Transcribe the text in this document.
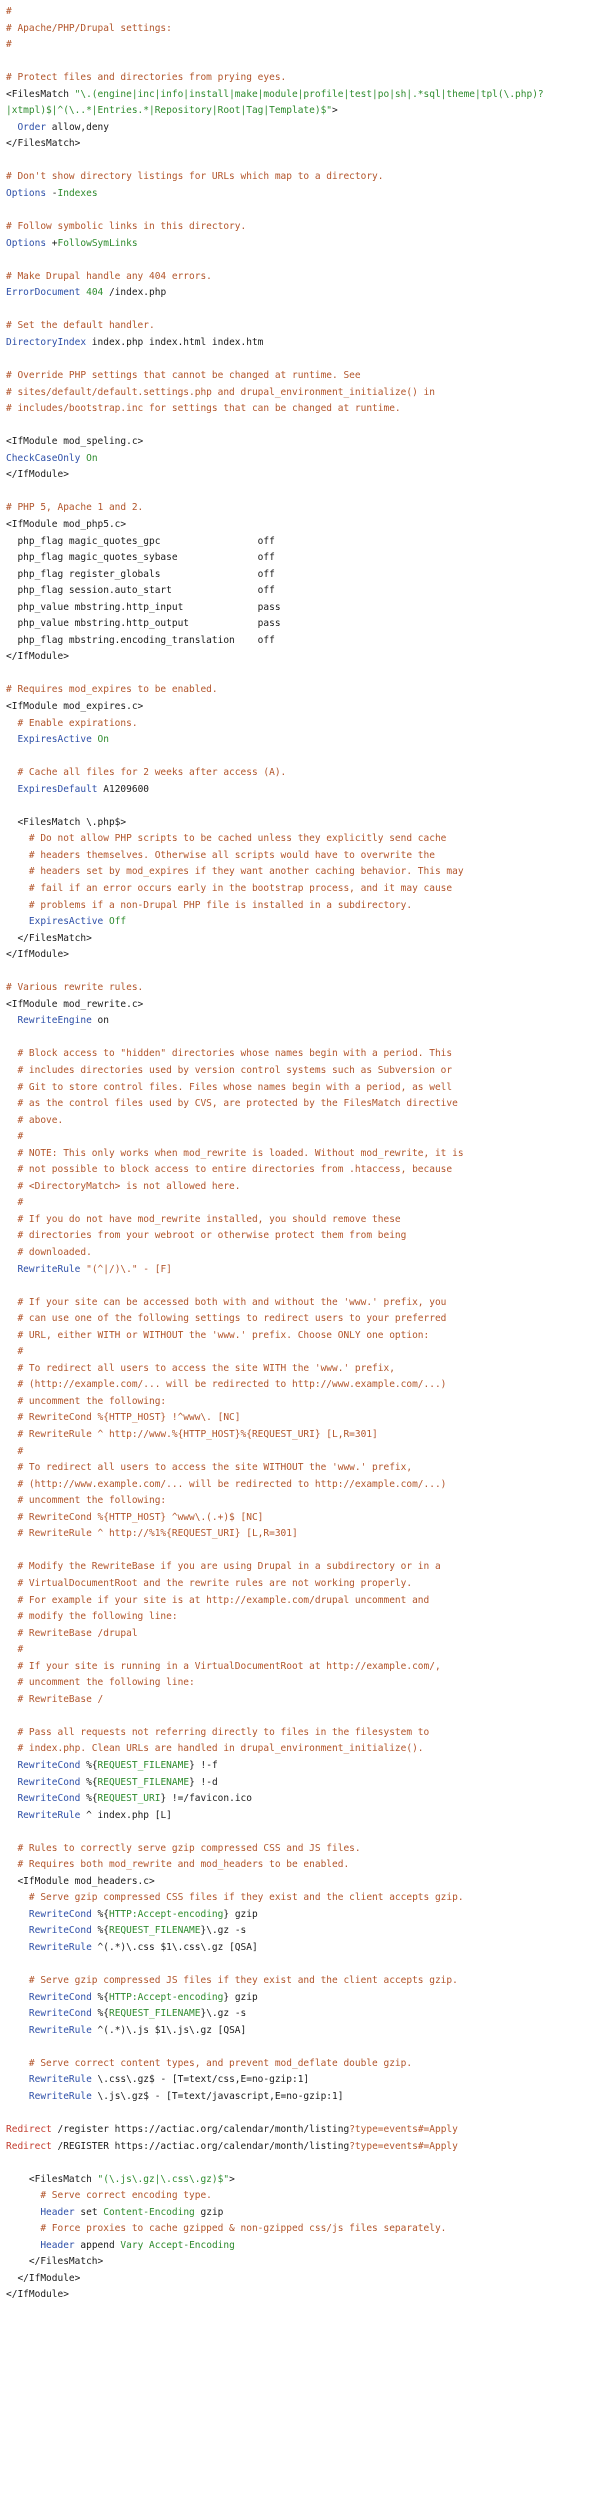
#
# Apache/PHP/Drupal settings:
#

# Protect files and directories from prying eyes.
<FilesMatch "\.(engine|inc|info|install|make|module|profile|test|po|sh|.*sql|theme|tpl(\.php)?
|xtmpl)$|^(\..*|Entries.*|Repository|Root|Tag|Template)$">
Order allow,deny
</FilesMatch>

# Don't show directory listings for URLs which map to a directory.
Options -Indexes

# Follow symbolic links in this directory.
Options +FollowSymLinks

# Make Drupal handle any 404 errors.
ErrorDocument 404 /index.php

# Set the default handler.
DirectoryIndex index.php index.html index.htm

# Override PHP settings that cannot be changed at runtime. See
# sites/default/default.settings.php and drupal_environment_initialize() in
# includes/bootstrap.inc for settings that can be changed at runtime.

<IfModule mod_speling.c>
CheckCaseOnly On
</IfModule>

# PHP 5, Apache 1 and 2.
<IfModule mod_php5.c>
php_flag magic_quotes_gpc                 off
php_flag magic_quotes_sybase              off
php_flag register_globals                 off
php_flag session.auto_start               off
php_value mbstring.http_input             pass
php_value mbstring.http_output            pass
php_flag mbstring.encoding_translation    off
</IfModule>

# Requires mod_expires to be enabled.
<IfModule mod_expires.c>
# Enable expirations.
ExpiresActive On

# Cache all files for 2 weeks after access (A).
ExpiresDefault A1209600

<FilesMatch \.php$>
# Do not allow PHP scripts to be cached unless they explicitly send cache
# headers themselves. Otherwise all scripts would have to overwrite the
# headers set by mod_expires if they want another caching behavior. This may
# fail if an error occurs early in the bootstrap process, and it may cause
# problems if a non-Drupal PHP file is installed in a subdirectory.
ExpiresActive Off
</FilesMatch>
</IfModule>

# Various rewrite rules.
<IfModule mod_rewrite.c>
RewriteEngine on

# Block access to "hidden" directories whose names begin with a period. This
# includes directories used by version control systems such as Subversion or
# Git to store control files. Files whose names begin with a period, as well
# as the control files used by CVS, are protected by the FilesMatch directive
# above.
#
# NOTE: This only works when mod_rewrite is loaded. Without mod_rewrite, it is
# not possible to block access to entire directories from .htaccess, because
# <DirectoryMatch> is not allowed here.
#
# If you do not have mod_rewrite installed, you should remove these
# directories from your webroot or otherwise protect them from being
# downloaded.
RewriteRule "(^|/)\." - [F]

# If your site can be accessed both with and without the 'www.' prefix, you
# can use one of the following settings to redirect users to your preferred
# URL, either WITH or WITHOUT the 'www.' prefix. Choose ONLY one option:
#
# To redirect all users to access the site WITH the 'www.' prefix,
# (http://example.com/... will be redirected to http://www.example.com/...)
# uncomment the following:
# RewriteCond %{HTTP_HOST} !^www\. [NC]
# RewriteRule ^ http://www.%{HTTP_HOST}%{REQUEST_URI} [L,R=301]
#
# To redirect all users to access the site WITHOUT the 'www.' prefix,
# (http://www.example.com/... will be redirected to http://example.com/...)
# uncomment the following:
# RewriteCond %{HTTP_HOST} ^www\.(.+)$ [NC]
# RewriteRule ^ http://%1%{REQUEST_URI} [L,R=301]

# Modify the RewriteBase if you are using Drupal in a subdirectory or in a
# VirtualDocumentRoot and the rewrite rules are not working properly.
# For example if your site is at http://example.com/drupal uncomment and
# modify the following line:
# RewriteBase /drupal
#
# If your site is running in a VirtualDocumentRoot at http://example.com/,
# uncomment the following line:
# RewriteBase /

# Pass all requests not referring directly to files in the filesystem to
# index.php. Clean URLs are handled in drupal_environment_initialize().
RewriteCond %{REQUEST_FILENAME} !-f
RewriteCond %{REQUEST_FILENAME} !-d
RewriteCond %{REQUEST_URI} !=/favicon.ico
RewriteRule ^ index.php [L]

# Rules to correctly serve gzip compressed CSS and JS files.
# Requires both mod_rewrite and mod_headers to be enabled.
<IfModule mod_headers.c>
# Serve gzip compressed CSS files if they exist and the client accepts gzip.
RewriteCond %{HTTP:Accept-encoding} gzip
RewriteCond %{REQUEST_FILENAME}\.gz -s
RewriteRule ^(.*)\.css $1\.css\.gz [QSA]

# Serve gzip compressed JS files if they exist and the client accepts gzip.
RewriteCond %{HTTP:Accept-encoding} gzip
RewriteCond %{REQUEST_FILENAME}\.gz -s
RewriteRule ^(.*)\.js $1\.js\.gz [QSA]

# Serve correct content types, and prevent mod_deflate double gzip.
RewriteRule \.css\.gz$ - [T=text/css,E=no-gzip:1]
RewriteRule \.js\.gz$ - [T=text/javascript,E=no-gzip:1]

Redirect /register https://actiac.org/calendar/month/listing?type=events#=Apply
Redirect /REGISTER https://actiac.org/calendar/month/listing?type=events#=Apply

<FilesMatch "(\.js\.gz|\.css\.gz)$">
# Serve correct encoding type.
Header set Content-Encoding gzip
# Force proxies to cache gzipped & non-gzipped css/js files separately.
Header append Vary Accept-Encoding
</FilesMatch>
</IfModule>
</IfModule>
